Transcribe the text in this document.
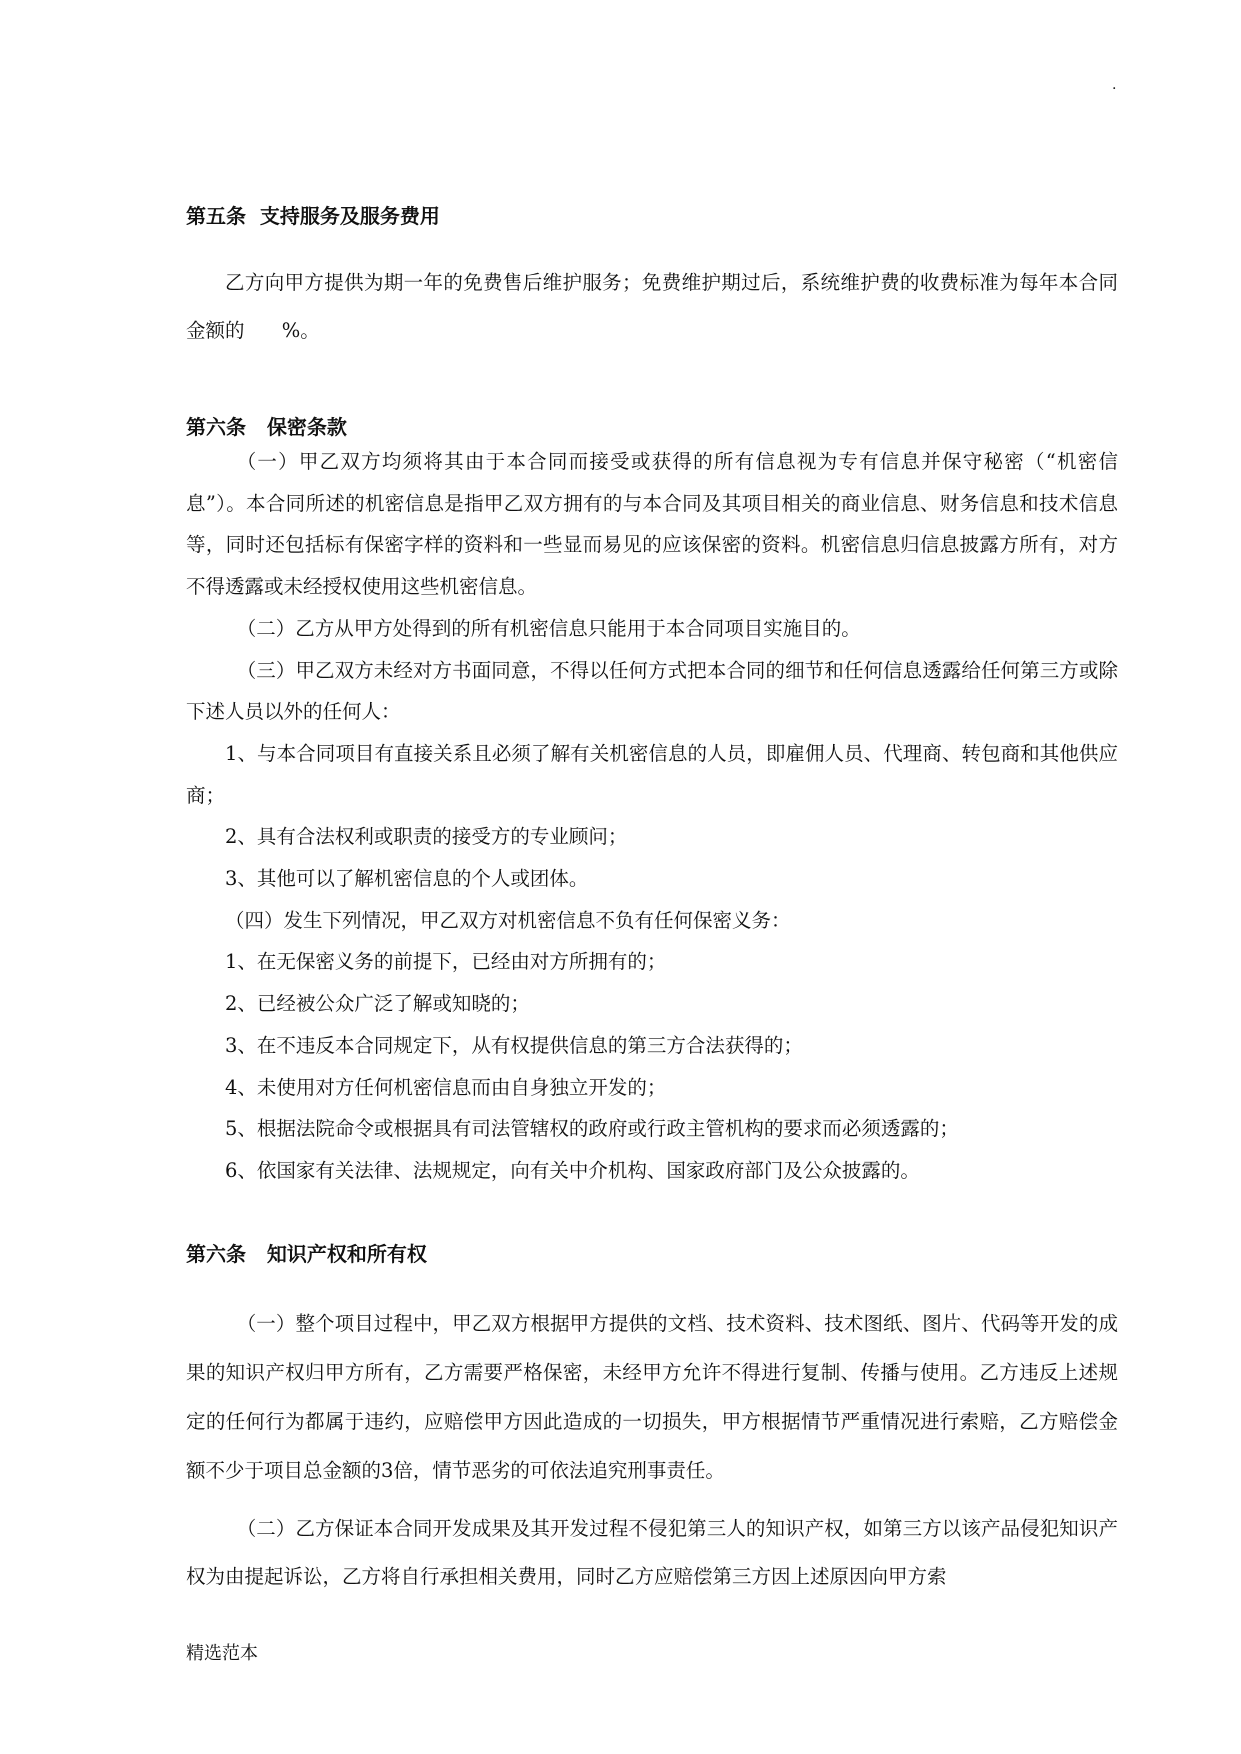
.
第五条  支持服务及服务费用

乙方向甲方提供为期一年的免费售后维护服务；免费维护期过后，系统维护费的收费标准为每年本合同金额的      %。

第六条   保密条款

（一）甲乙双方均须将其由于本合同而接受或获得的所有信息视为专有信息并保守秘密（“机密信息”）。本合同所述的机密信息是指甲乙双方拥有的与本合同及其项目相关的商业信息、财务信息和技术信息等，同时还包括标有保密字样的资料和一些显而易见的应该保密的资料。机密信息归信息披露方所有，对方不得透露或未经授权使用这些机密信息。

（二）乙方从甲方处得到的所有机密信息只能用于本合同项目实施目的。

（三）甲乙双方未经对方书面同意，不得以任何方式把本合同的细节和任何信息透露给任何第三方或除下述人员以外的任何人：

1、与本合同项目有直接关系且必须了解有关机密信息的人员，即雇佣人员、代理商、转包商和其他供应商；

2、具有合法权利或职责的接受方的专业顾问；

3、其他可以了解机密信息的个人或团体。

（四）发生下列情况，甲乙双方对机密信息不负有任何保密义务：

1、在无保密义务的前提下，已经由对方所拥有的；

2、已经被公众广泛了解或知晓的；

3、在不违反本合同规定下，从有权提供信息的第三方合法获得的；

4、未使用对方任何机密信息而由自身独立开发的；

5、根据法院命令或根据具有司法管辖权的政府或行政主管机构的要求而必须透露的；

6、依国家有关法律、法规规定，向有关中介机构、国家政府部门及公众披露的。

第六条   知识产权和所有权

（一）整个项目过程中，甲乙双方根据甲方提供的文档、技术资料、技术图纸、图片、代码等开发的成果的知识产权归甲方所有，乙方需要严格保密，未经甲方允许不得进行复制、传播与使用。乙方违反上述规定的任何行为都属于违约，应赔偿甲方因此造成的一切损失，甲方根据情节严重情况进行索赔，乙方赔偿金额不少于项目总金额的3倍，情节恶劣的可依法追究刑事责任。

（二）乙方保证本合同开发成果及其开发过程不侵犯第三人的知识产权，如第三方以该产品侵犯知识产权为由提起诉讼，乙方将自行承担相关费用，同时乙方应赔偿第三方因上述原因向甲方索

精选范本
